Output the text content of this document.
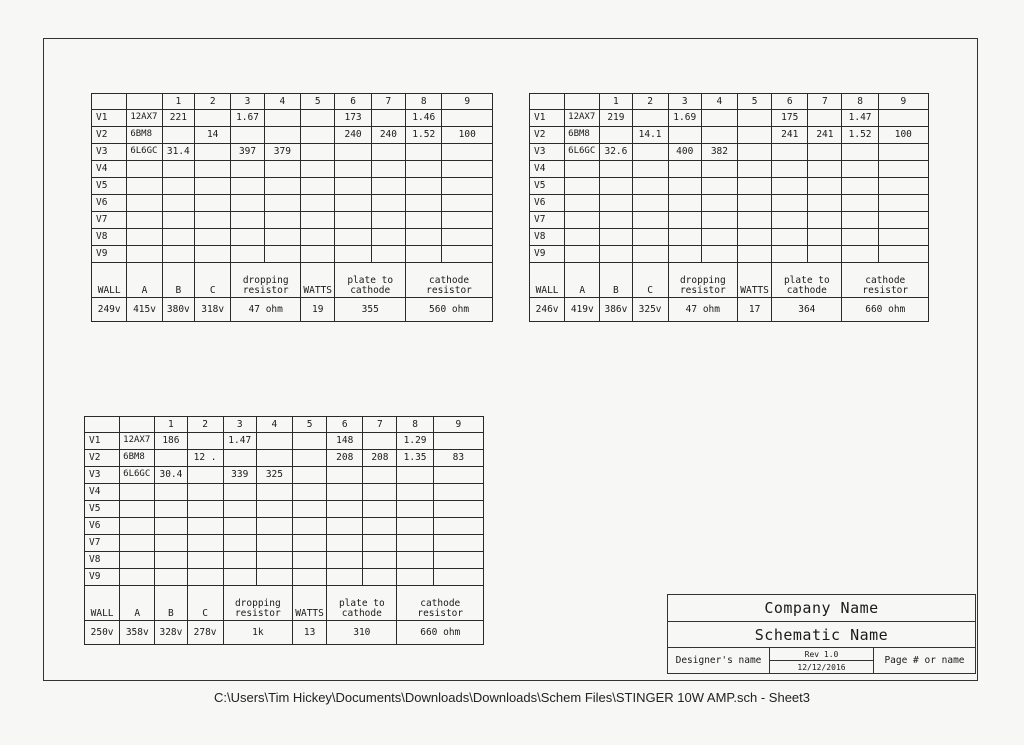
		1	2	3	4	5	6	7	8	9
V1	12AX7	221		1.67			173		1.46	
V2	6BM8		14				240	240	1.52	100
V3	6L6GC	31.4		397	379					
V4										
V5										
V6										
V7										
V8										
V9										
WALL	A	B	C	dropping resistor		WATTS	plate to cathode		cathode resistor	
249v	415v	380v	318v	47 ohm		19	355		560 ohm	
		1	2	3	4	5	6	7	8	9
V1	12AX7	219		1.69			175		1.47	
V2	6BM8		14.1				241	241	1.52	100
V3	6L6GC	32.6		400	382					
V4										
V5										
V6										
V7										
V8										
V9										
WALL	A	B	C	dropping resistor		WATTS	plate to cathode		cathode resistor	
246v	419v	386v	325v	47 ohm		17	364		660 ohm	
		1	2	3	4	5	6	7	8	9
V1	12AX7	186		1.47			148		1.29	
V2	6BM8		12 .				208	208	1.35	83
V3	6L6GC	30.4		339	325					
V4										
V5										
V6										
V7										
V8										
V9										
WALL	A	B	C	dropping resistor		WATTS	plate to cathode		cathode resistor	
250v	358v	328v	278v	1k		13	310		660 ohm	
Company Name
Schematic Name
Designer's name
Rev 1.0
12/12/2016
Page # or name
C:\Users\Tim Hickey\Documents\Downloads\Downloads\Schem Files\STINGER 10W AMP.sch - Sheet3
